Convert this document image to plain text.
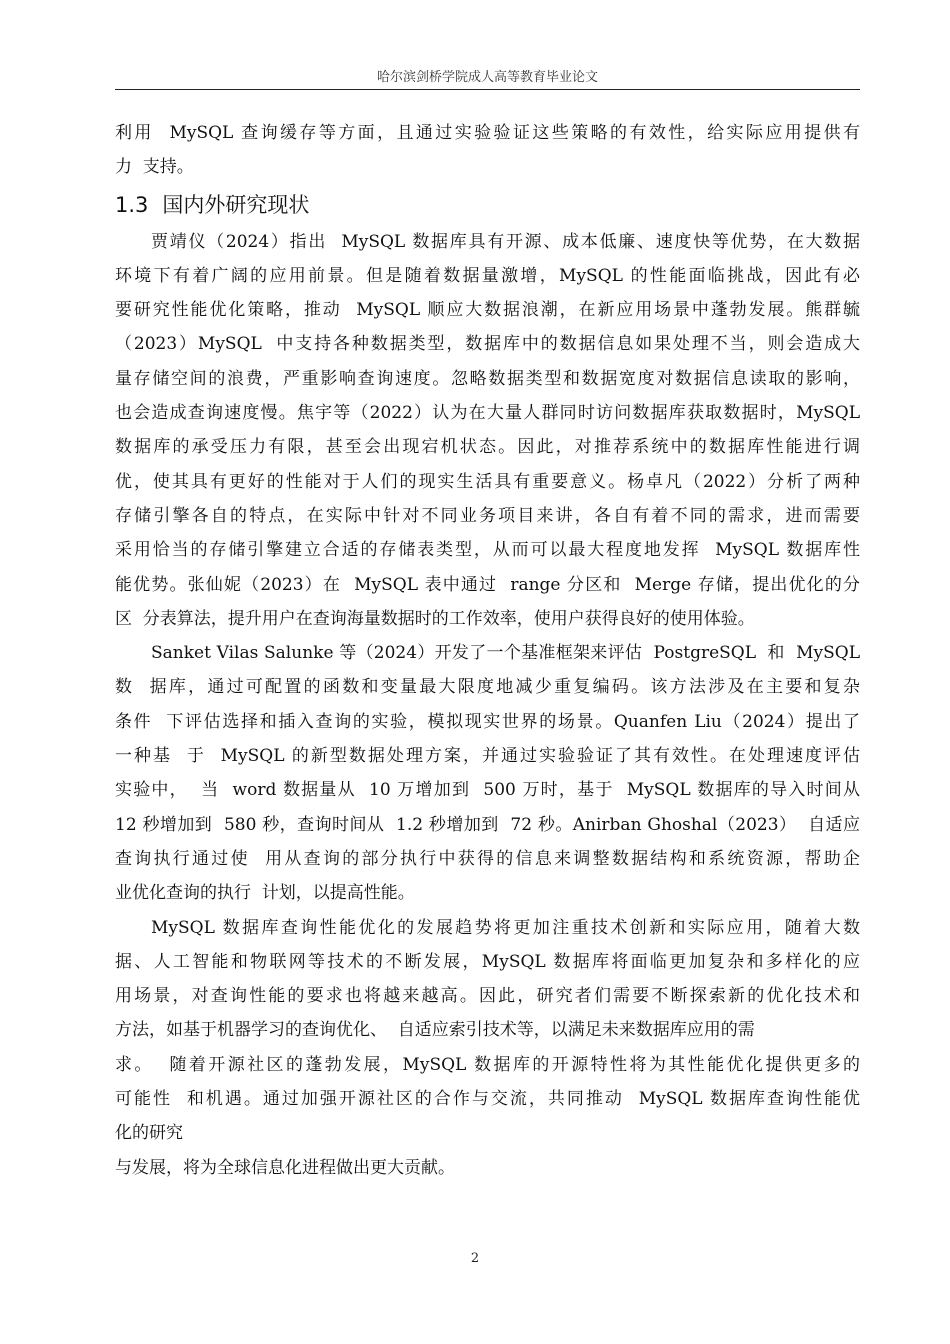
哈尔滨剑桥学院成人高等教育毕业论文
利用  MySQL 查询缓存等方面，且通过实验验证这些策略的有效性，给实际应用提供有
力  支持。
1.3 国内外研究现状
贾靖仪（2024）指出  MySQL 数据库具有开源、成本低廉、速度快等优势，在大数据
环境下有着广阔的应用前景。但是随着数据量激增，MySQL 的性能面临挑战，因此有必
要研究性能优化策略，推动  MySQL 顺应大数据浪潮，在新应用场景中蓬勃发展。熊群毓
（2023）MySQL  中支持各种数据类型，数据库中的数据信息如果处理不当，则会造成大
量存储空间的浪费，严重影响查询速度。忽略数据类型和数据宽度对数据信息读取的影响，
也会造成查询速度慢。焦宇等（2022）认为在大量人群同时访问数据库获取数据时，MySQL
数据库的承受压力有限，甚至会出现宕机状态。因此，对推荐系统中的数据库性能进行调
优，使其具有更好的性能对于人们的现实生活具有重要意义。杨卓凡（2022）分析了两种
存储引擎各自的特点，在实际中针对不同业务项目来讲，各自有着不同的需求，进而需要
采用恰当的存储引擎建立合适的存储表类型，从而可以最大程度地发挥  MySQL 数据库性
能优势。张仙妮（2023）在  MySQL 表中通过  range 分区和  Merge 存储，提出优化的分
区  分表算法，提升用户在查询海量数据时的工作效率，使用户获得良好的使用体验。
Sanket Vilas Salunke 等（2024）开发了一个基准框架来评估  PostgreSQL  和  MySQL
数  据库，通过可配置的函数和变量最大限度地减少重复编码。该方法涉及在主要和复杂
条件  下评估选择和插入查询的实验，模拟现实世界的场景。Quanfen Liu（2024）提出了
一种基  于  MySQL 的新型数据处理方案，并通过实验验证了其有效性。在处理速度评估
实验中，  当  word 数据量从  10 万增加到  500 万时，基于  MySQL 数据库的导入时间从
12 秒增加到  580 秒，查询时间从  1.2 秒增加到  72 秒。Anirban Ghoshal（2023）  自适应
查询执行通过使  用从查询的部分执行中获得的信息来调整数据结构和系统资源，帮助企
业优化查询的执行  计划，以提高性能。
MySQL 数据库查询性能优化的发展趋势将更加注重技术创新和实际应用，随着大数
据、人工智能和物联网等技术的不断发展，MySQL 数据库将面临更加复杂和多样化的应
用场景，对查询性能的要求也将越来越高。因此，研究者们需要不断探索新的优化技术和
方法，如基于机器学习的查询优化、  自适应索引技术等，以满足未来数据库应用的需
求。  随着开源社区的蓬勃发展，MySQL 数据库的开源特性将为其性能优化提供更多的
可能性  和机遇。通过加强开源社区的合作与交流，共同推动  MySQL 数据库查询性能优
化的研究
与发展，将为全球信息化进程做出更大贡献。
2
